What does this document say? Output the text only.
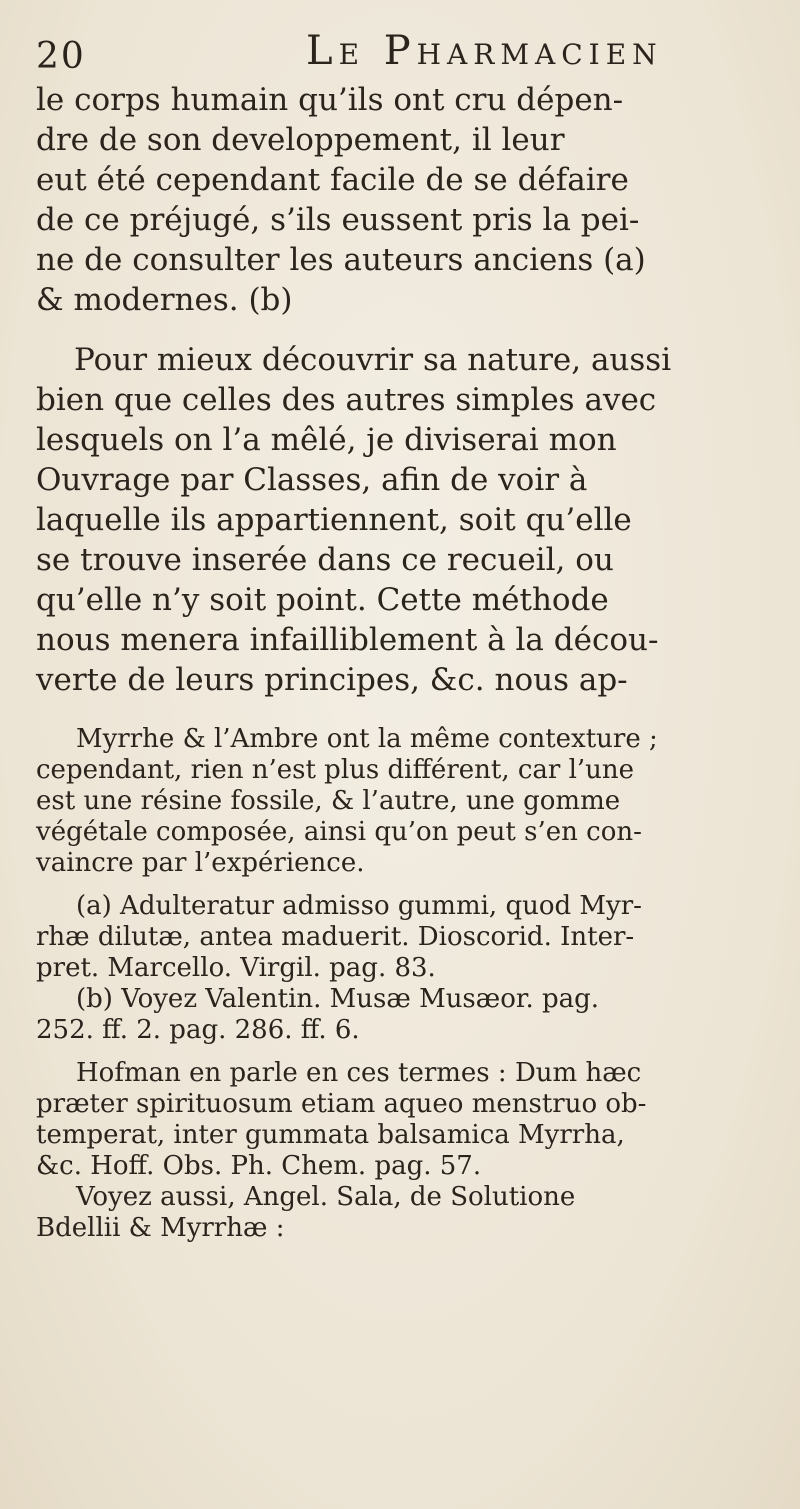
20	Le Pharmacien
le corps humain qu’ils ont cru dépen-
dre de son developpement, il leur
eut été cependant facile de se défaire
de ce préjugé, s’ils eussent pris la pei-
ne de consulter les auteurs anciens (a)
& modernes. (b)
Pour mieux découvrir sa nature, aussi
bien que celles des autres simples avec
lesquels on l’a mêlé, je diviserai mon
Ouvrage par Classes, afin de voir à
laquelle ils appartiennent, soit qu’elle
se trouve inserée dans ce recueil, ou
qu’elle n’y soit point. Cette méthode
nous menera infailliblement à la décou-
verte de leurs principes, &c. nous ap-
Myrrhe & l’Ambre ont la même contexture ;
cependant, rien n’est plus différent, car l’une
est une résine fossile, & l’autre, une gomme
végétale composée, ainsi qu’on peut s’en con-
vaincre par l’expérience.
(a) Adulteratur admisso gummi, quod Myr-
rhæ dilutæ, antea maduerit. Dioscorid. Inter-
pret. Marcello. Virgil. pag. 83.
(b) Voyez Valentin. Musæ Musæor. pag.
252. ff. 2. pag. 286. ff. 6.
Hofman en parle en ces termes : Dum hæc
præter spirituosum etiam aqueo menstruo ob-
temperat, inter gummata balsamica Myrrha,
&c. Hoff. Obs. Ph. Chem. pag. 57.
Voyez aussi, Angel. Sala, de Solutione
Bdellii & Myrrhæ :
